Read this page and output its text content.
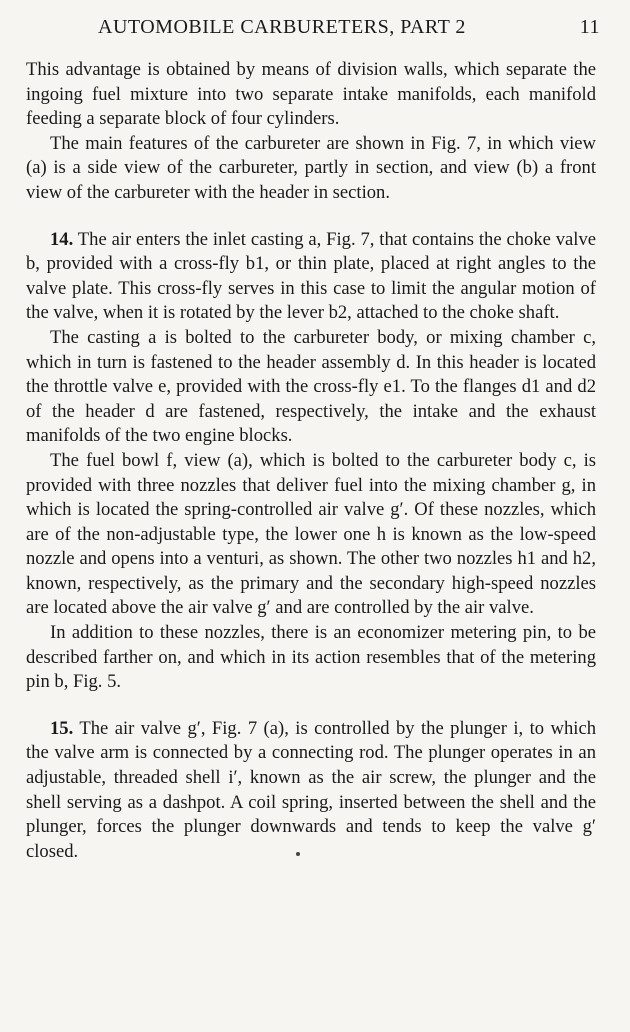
AUTOMOBILE CARBURETERS, PART 2	11

This advantage is obtained by means of division walls, which separate the ingoing fuel mixture into two separate intake manifolds, each manifold feeding a separate block of four cylinders.

The main features of the carbureter are shown in Fig. 7, in which view (a) is a side view of the carbureter, partly in section, and view (b) a front view of the carbureter with the header in section.

14. The air enters the inlet casting a, Fig. 7, that contains the choke valve b, provided with a cross-fly b1, or thin plate, placed at right angles to the valve plate. This cross-fly serves in this case to limit the angular motion of the valve, when it is rotated by the lever b2, attached to the choke shaft.

The casting a is bolted to the carbureter body, or mixing chamber c, which in turn is fastened to the header assembly d. In this header is located the throttle valve e, provided with the cross-fly e1. To the flanges d1 and d2 of the header d are fastened, respectively, the intake and the exhaust manifolds of the two engine blocks.

The fuel bowl f, view (a), which is bolted to the carbureter body c, is provided with three nozzles that deliver fuel into the mixing chamber g, in which is located the spring-controlled air valve g′. Of these nozzles, which are of the non-adjustable type, the lower one h is known as the low-speed nozzle and opens into a venturi, as shown. The other two nozzles h1 and h2, known, respectively, as the primary and the secondary high-speed nozzles are located above the air valve g′ and are controlled by the air valve.

In addition to these nozzles, there is an economizer metering pin, to be described farther on, and which in its action resembles that of the metering pin b, Fig. 5.

15. The air valve g′, Fig. 7 (a), is controlled by the plunger i, to which the valve arm is connected by a connecting rod. The plunger operates in an adjustable, threaded shell i′, known as the air screw, the plunger and the shell serving as a dashpot. A coil spring, inserted between the shell and the plunger, forces the plunger downwards and tends to keep the valve g′ closed.
